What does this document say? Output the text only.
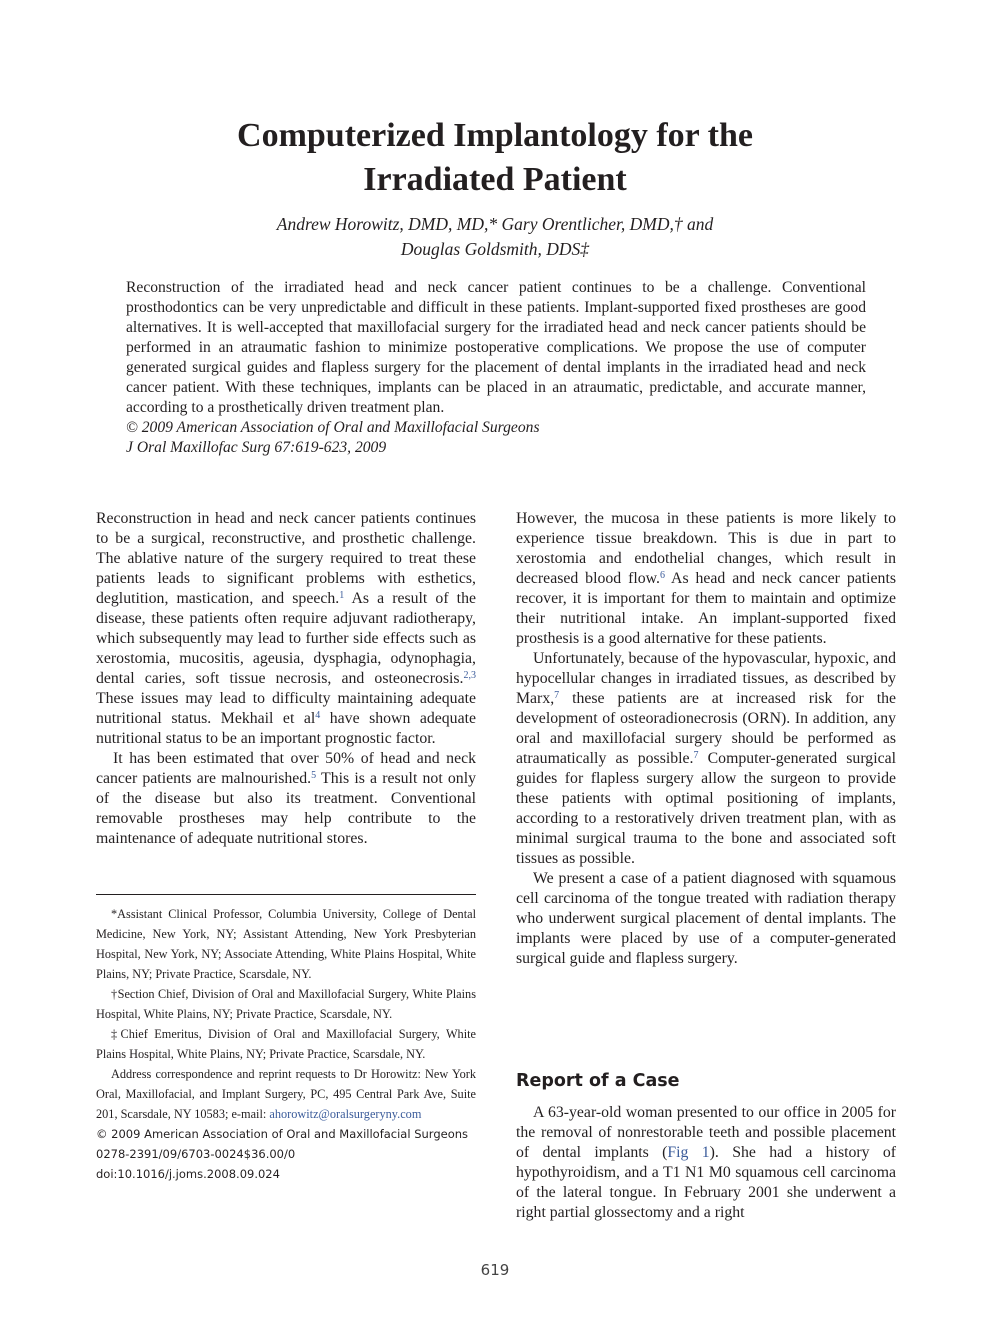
Computerized Implantology for the
Irradiated Patient

Andrew Horowitz, DMD, MD,* Gary Orentlicher, DMD,† and
Douglas Goldsmith, DDS‡

Reconstruction of the irradiated head and neck cancer patient continues to be a challenge. Conventional prosthodontics can be very unpredictable and difficult in these patients. Implant-supported fixed prostheses are good alternatives. It is well-accepted that maxillofacial surgery for the irradiated head and neck cancer patients should be performed in an atraumatic fashion to minimize postoperative complications. We propose the use of computer generated surgical guides and flapless surgery for the placement of dental implants in the irradiated head and neck cancer patient. With these techniques, implants can be placed in an atraumatic, predictable, and accurate manner, according to a prosthetically driven treatment plan.

© 2009 American Association of Oral and Maxillofacial Surgeons

J Oral Maxillofac Surg 67:619-623, 2009

Reconstruction in head and neck cancer patients continues to be a surgical, reconstructive, and prosthetic challenge. The ablative nature of the surgery required to treat these patients leads to significant problems with esthetics, deglutition, mastication, and speech.$^1$ As a result of the disease, these patients often require adjuvant radiotherapy, which subsequently may lead to further side effects such as xerostomia, mucositis, ageusia, dysphagia, odynophagia, dental caries, soft tissue necrosis, and osteonecrosis.$^{2,3}$ These issues may lead to difficulty maintaining adequate nutritional status. Mekhail et $al^4$ have shown adequate nutritional status to be an important prognostic factor.

It has been estimated that over 50% of head and neck cancer patients are malnourished.$^5$ This is a result not only of the disease but also its treatment. Conventional removable prostheses may help contribute to the maintenance of adequate nutritional stores.

However, the mucosa in these patients is more likely to experience tissue breakdown. This is due in part to xerostomia and endothelial changes, which result in decreased blood flow.$^6$ As head and neck cancer patients recover, it is important for them to maintain and optimize their nutritional intake. An implant-supported fixed prosthesis is a good alternative for these patients.

Unfortunately, because of the hypovascular, hypoxic, and hypocellular changes in irradiated tissues, as described by Marx,$^7$ these patients are at increased risk for the development of osteoradionecrosis (ORN). In addition, any oral and maxillofacial surgery should be performed as atraumatically as possible.$^7$ Computer-generated surgical guides for flapless surgery allow the surgeon to provide these patients with optimal positioning of implants, according to a restoratively driven treatment plan, with as minimal surgical trauma to the bone and associated soft tissues as possible.

We present a case of a patient diagnosed with squamous cell carcinoma of the tongue treated with radiation therapy who underwent surgical placement of dental implants. The implants were placed by use of a computer-generated surgical guide and flapless surgery.

Report of a Case

A 63-year-old woman presented to our office in 2005 for the removal of nonrestorable teeth and possible placement of dental implants (Fig 1). She had a history of hypothyroidism, and a T1 N1 M0 squamous cell carcinoma of the lateral tongue. In February 2001 she underwent a right partial glossectomy and a right

*Assistant Clinical Professor, Columbia University, College of Dental Medicine, New York, NY; Assistant Attending, New York Presbyterian Hospital, New York, NY; Associate Attending, White Plains Hospital, White Plains, NY; Private Practice, Scarsdale, NY.

†Section Chief, Division of Oral and Maxillofacial Surgery, White Plains Hospital, White Plains, NY; Private Practice, Scarsdale, NY.

‡Chief Emeritus, Division of Oral and Maxillofacial Surgery, White Plains Hospital, White Plains, NY; Private Practice, Scarsdale, NY.

Address correspondence and reprint requests to Dr Horowitz: New York Oral, Maxillofacial, and Implant Surgery, PC, 495 Central Park Ave, Suite 201, Scarsdale, NY 10583; e-mail: ahorowitz@oralsurgeryny.com

© 2009 American Association of Oral and Maxillofacial Surgeons

0278-2391/09/6703-0024$36.00/0

doi:10.1016/j.joms.2008.09.024

619
